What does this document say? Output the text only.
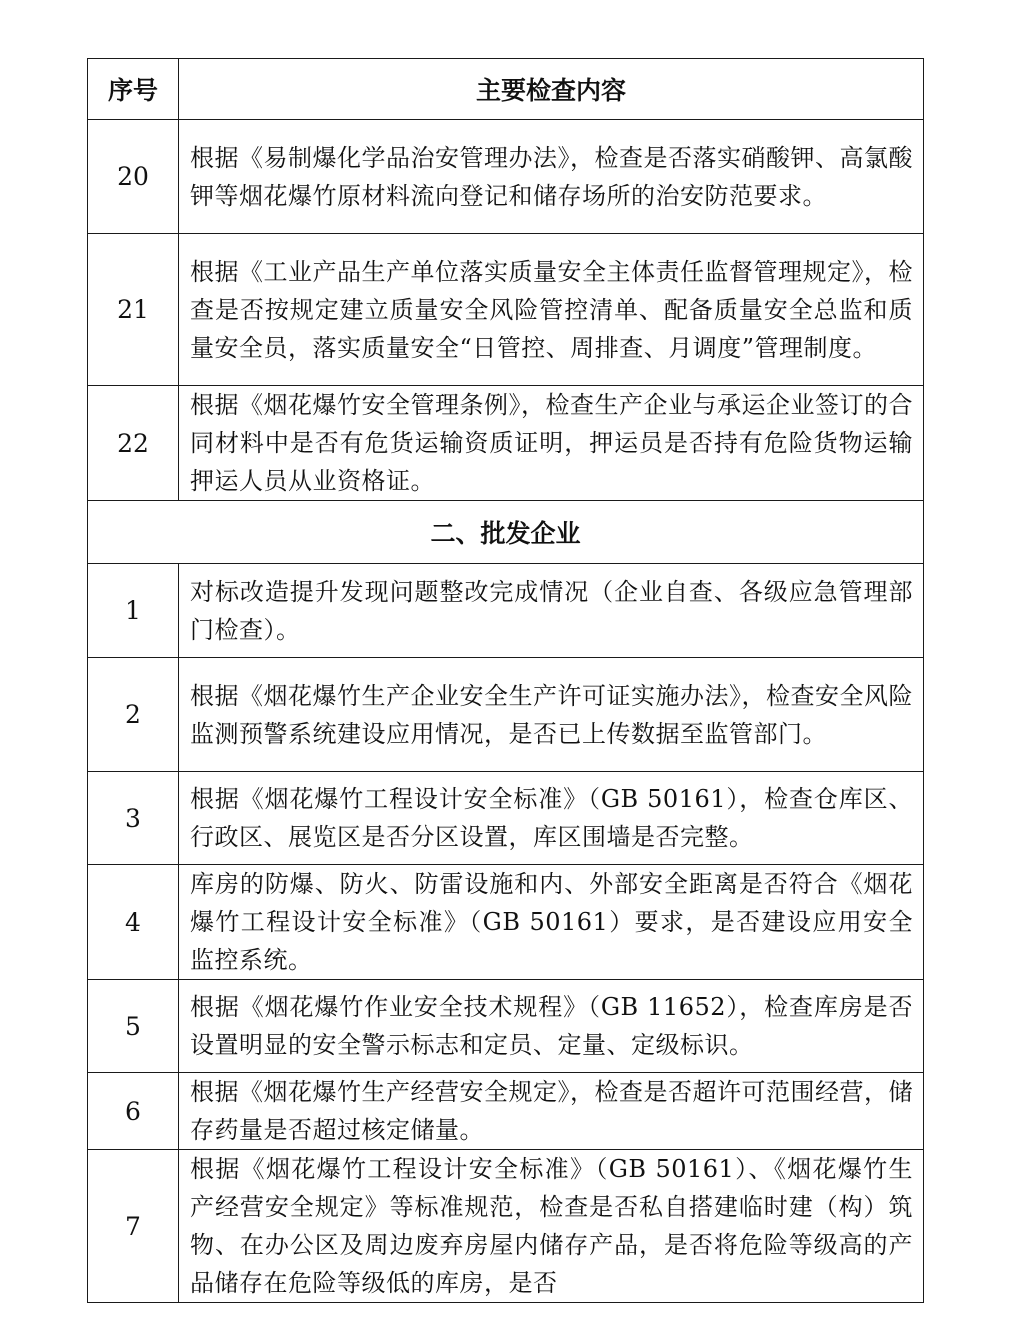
序号	主要检查内容
20	根据《易制爆化学品治安管理办法》，检查是否落实硝酸钾、高氯酸钾等烟花爆竹原材料流向登记和储存场所的治安防范要求。
21	根据《工业产品生产单位落实质量安全主体责任监督管理规定》，检查是否按规定建立质量安全风险管控清单、配备质量安全总监和质量安全员，落实质量安全“日管控、周排查、月调度”管理制度。
22	根据《烟花爆竹安全管理条例》，检查生产企业与承运企业签订的合同材料中是否有危货运输资质证明，押运员是否持有危险货物运输押运人员从业资格证。
二、批发企业	
1	对标改造提升发现问题整改完成情况（企业自查、各级应急管理部门检查）。
2	根据《烟花爆竹生产企业安全生产许可证实施办法》，检查安全风险监测预警系统建设应用情况，是否已上传数据至监管部门。
3	根据《烟花爆竹工程设计安全标准》（GB 50161），检查仓库区、行政区、展览区是否分区设置，库区围墙是否完整。
4	库房的防爆、防火、防雷设施和内、外部安全距离是否符合《烟花爆竹工程设计安全标准》（GB 50161）要求，是否建设应用安全监控系统。
5	根据《烟花爆竹作业安全技术规程》（GB 11652），检查库房是否设置明显的安全警示标志和定员、定量、定级标识。
6	根据《烟花爆竹生产经营安全规定》，检查是否超许可范围经营，储存药量是否超过核定储量。
7	根据《烟花爆竹工程设计安全标准》（GB 50161）、《烟花爆竹生产经营安全规定》等标准规范，检查是否私自搭建临时建（构）筑物、在办公区及周边废弃房屋内储存产品，是否将危险等级高的产品储存在危险等级低的库房，是否
